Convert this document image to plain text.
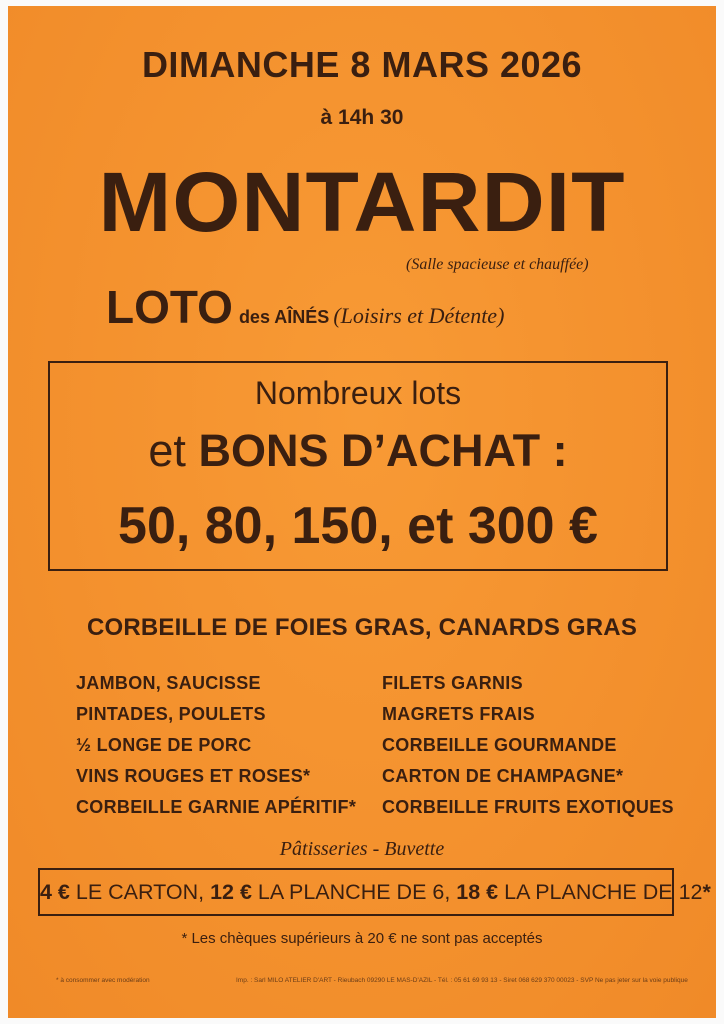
DIMANCHE 8 MARS 2026
à 14h 30
MONTARDIT
(Salle spacieuse et chauffée)
LOTO des AÎNÉS (Loisirs et Détente)
Nombreux lots
et BONS D’ACHAT :
50, 80, 150, et 300 €
CORBEILLE DE FOIES GRAS, CANARDS GRAS
JAMBON, SAUCISSE
PINTADES, POULETS
½ LONGE DE PORC
VINS ROUGES ET ROSES*
CORBEILLE GARNIE APÉRITIF*
FILETS GARNIS
MAGRETS FRAIS
CORBEILLE GOURMANDE
CARTON DE CHAMPAGNE*
CORBEILLE FRUITS EXOTIQUES
Pâtisseries - Buvette
4 € LE CARTON, 12 € LA PLANCHE DE 6, 18 € LA PLANCHE DE 12*
* Les chèques supérieurs à 20 € ne sont pas acceptés
* à consommer avec modération	Imp. : Sarl MILO ATELIER D'ART - Rieubach 09290 LE MAS-D'AZIL - Tél. : 05 61 69 93 13 - Siret 068 629 370 00023 - SVP Ne pas jeter sur la voie publique
